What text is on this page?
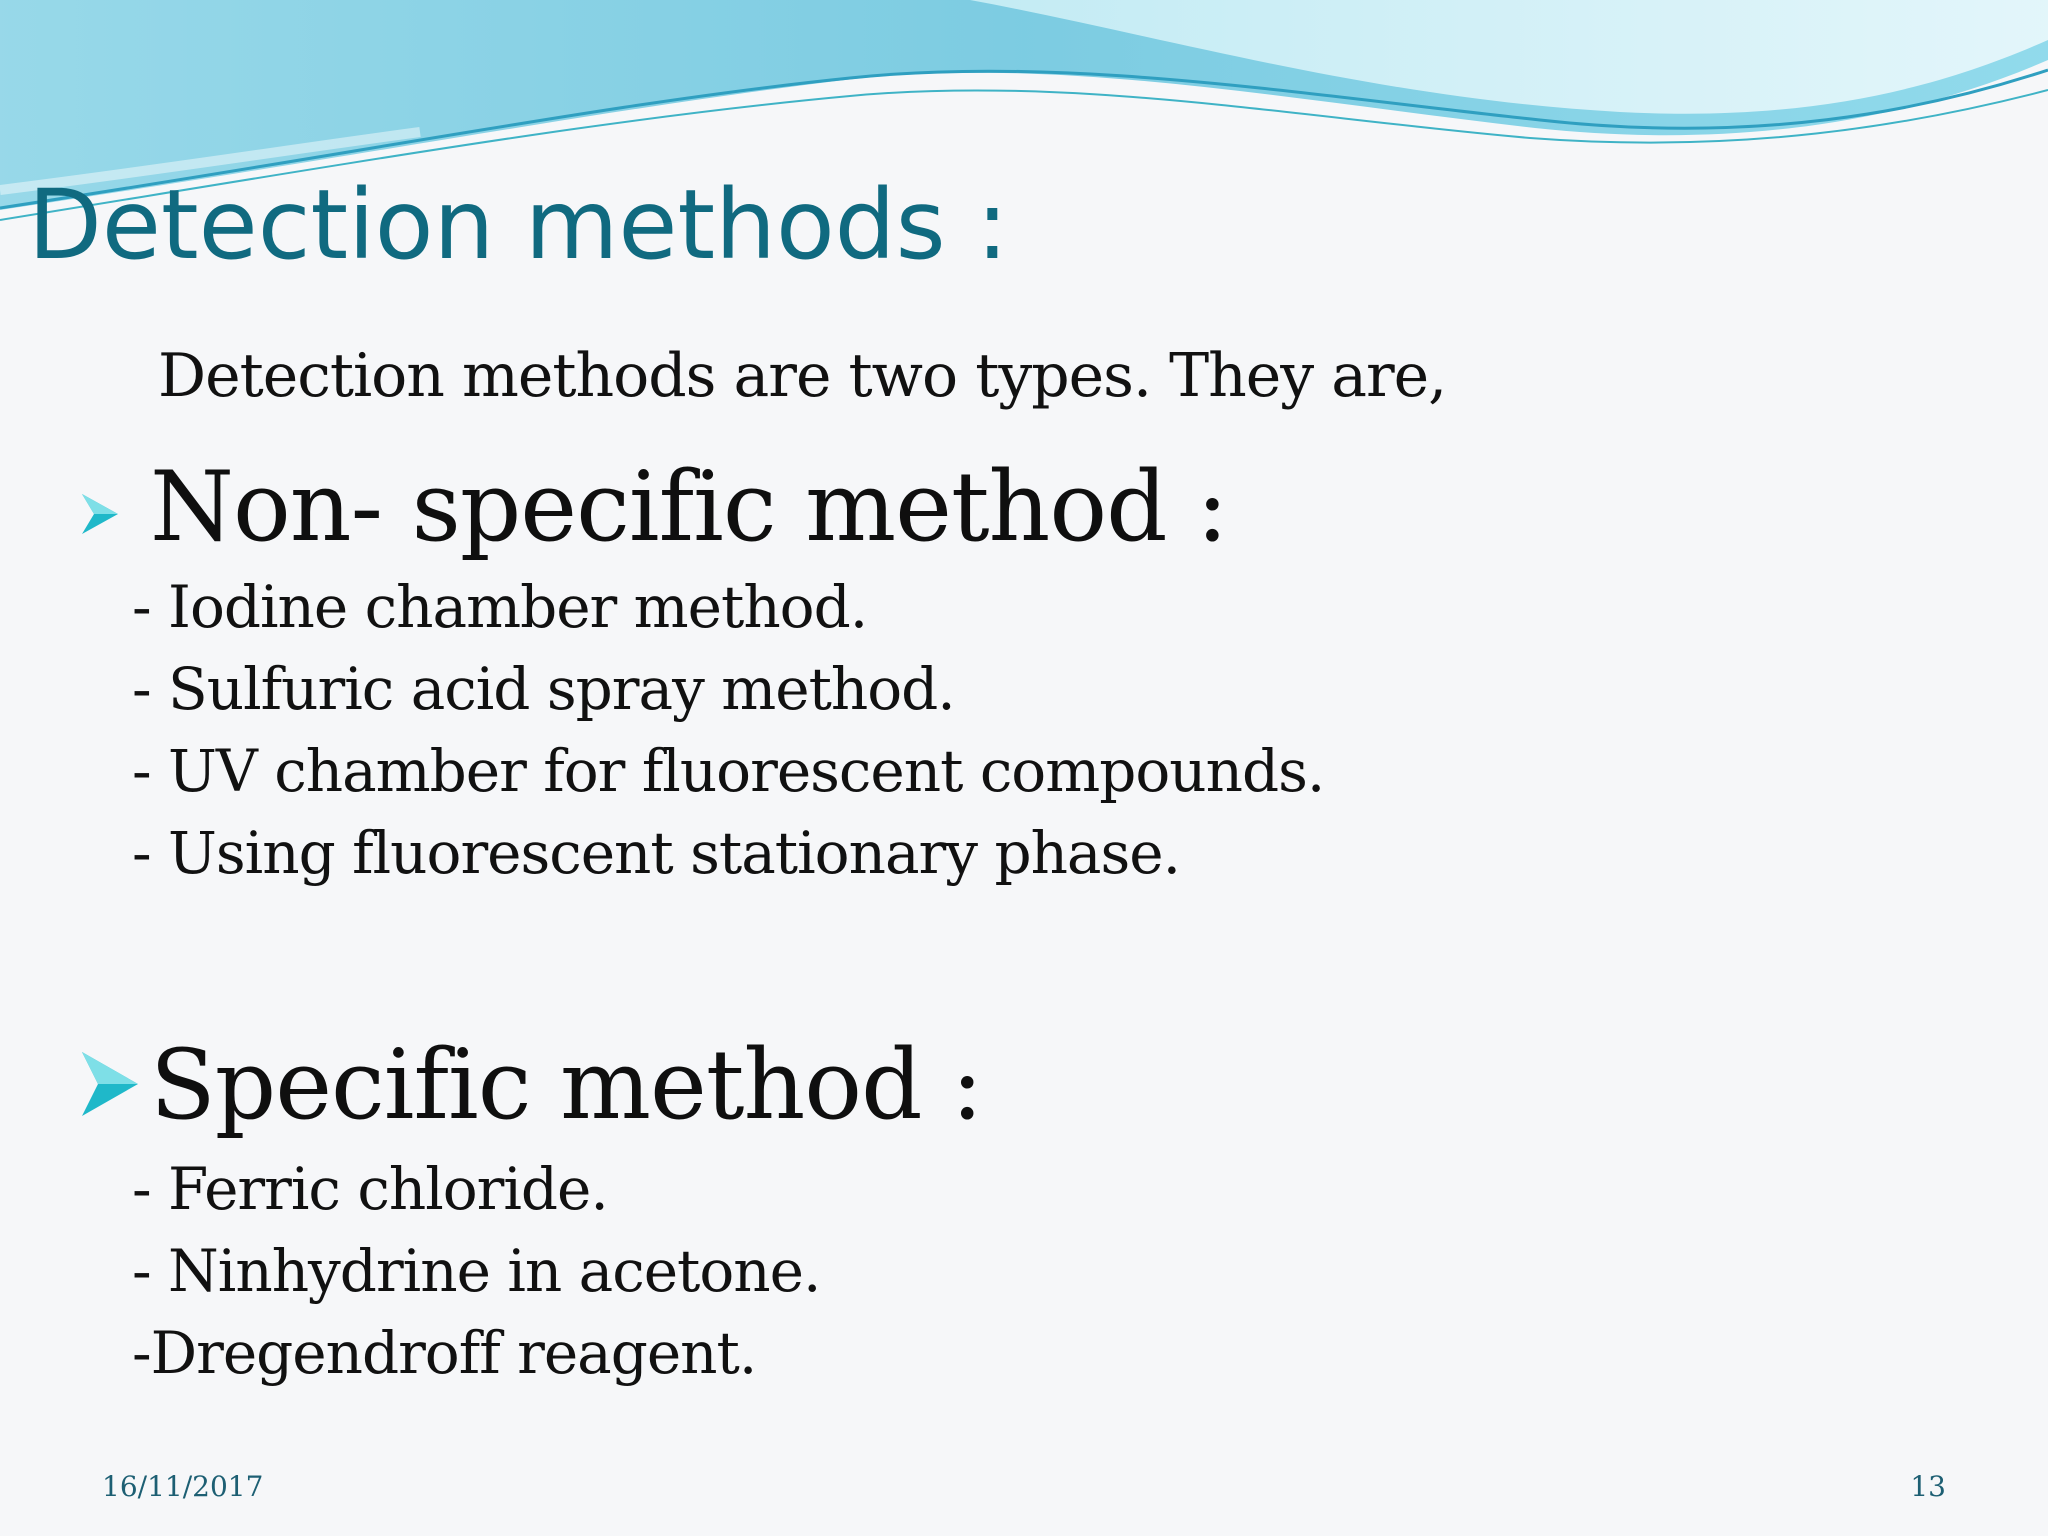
Detection methods :
Detection methods are two types. They are,
Non- specific method :
- Iodine chamber method.
- Sulfuric acid spray method.
- UV chamber for fluorescent compounds.
- Using fluorescent stationary phase.
Specific method :
- Ferric chloride.
- Ninhydrine in acetone.
-Dregendroff reagent.
16/11/2017	13
